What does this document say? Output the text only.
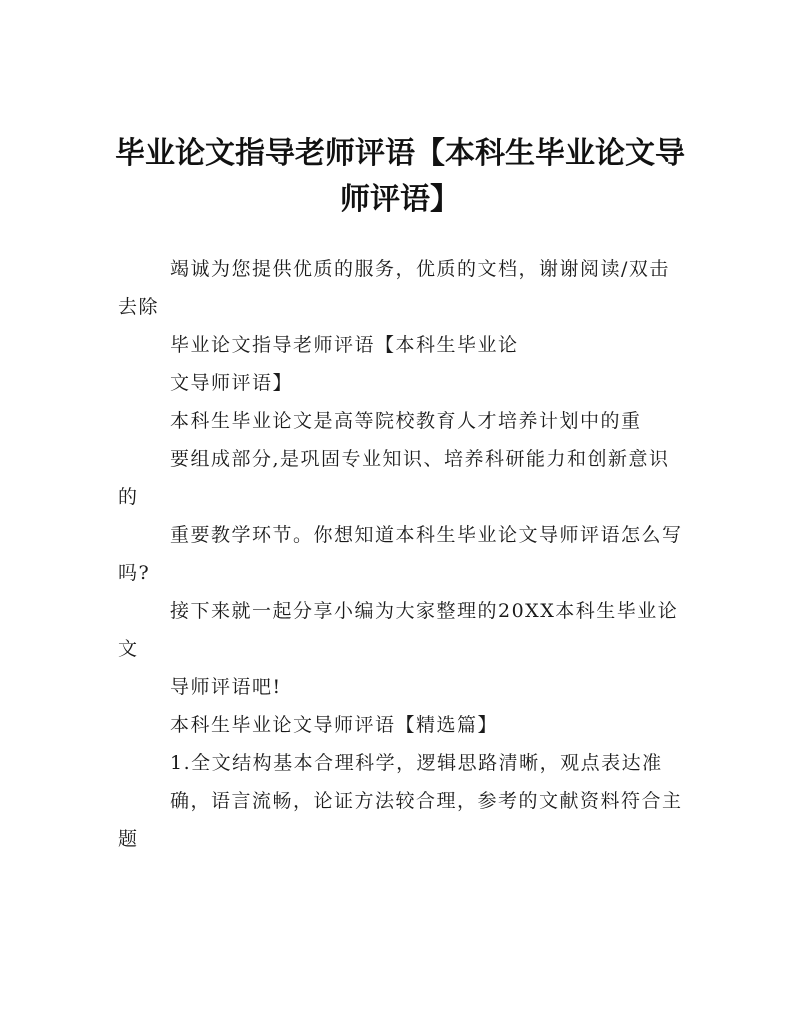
毕业论文指导老师评语【本科生毕业论文导
师评语】

竭诚为您提供优质的服务，优质的文档，谢谢阅读/双击去除

毕业论文指导老师评语【本科生毕业论

文导师评语】

本科生毕业论文是高等院校教育人才培养计划中的重

要组成部分,是巩固专业知识、培养科研能力和创新意识的

重要教学环节。你想知道本科生毕业论文导师评语怎么写吗?

接下来就一起分享小编为大家整理的20XX本科生毕业论文

导师评语吧!

本科生毕业论文导师评语【精选篇】

1.全文结构基本合理科学，逻辑思路清晰，观点表达准

确，语言流畅，论证方法较合理，参考的文献资料符合主题
